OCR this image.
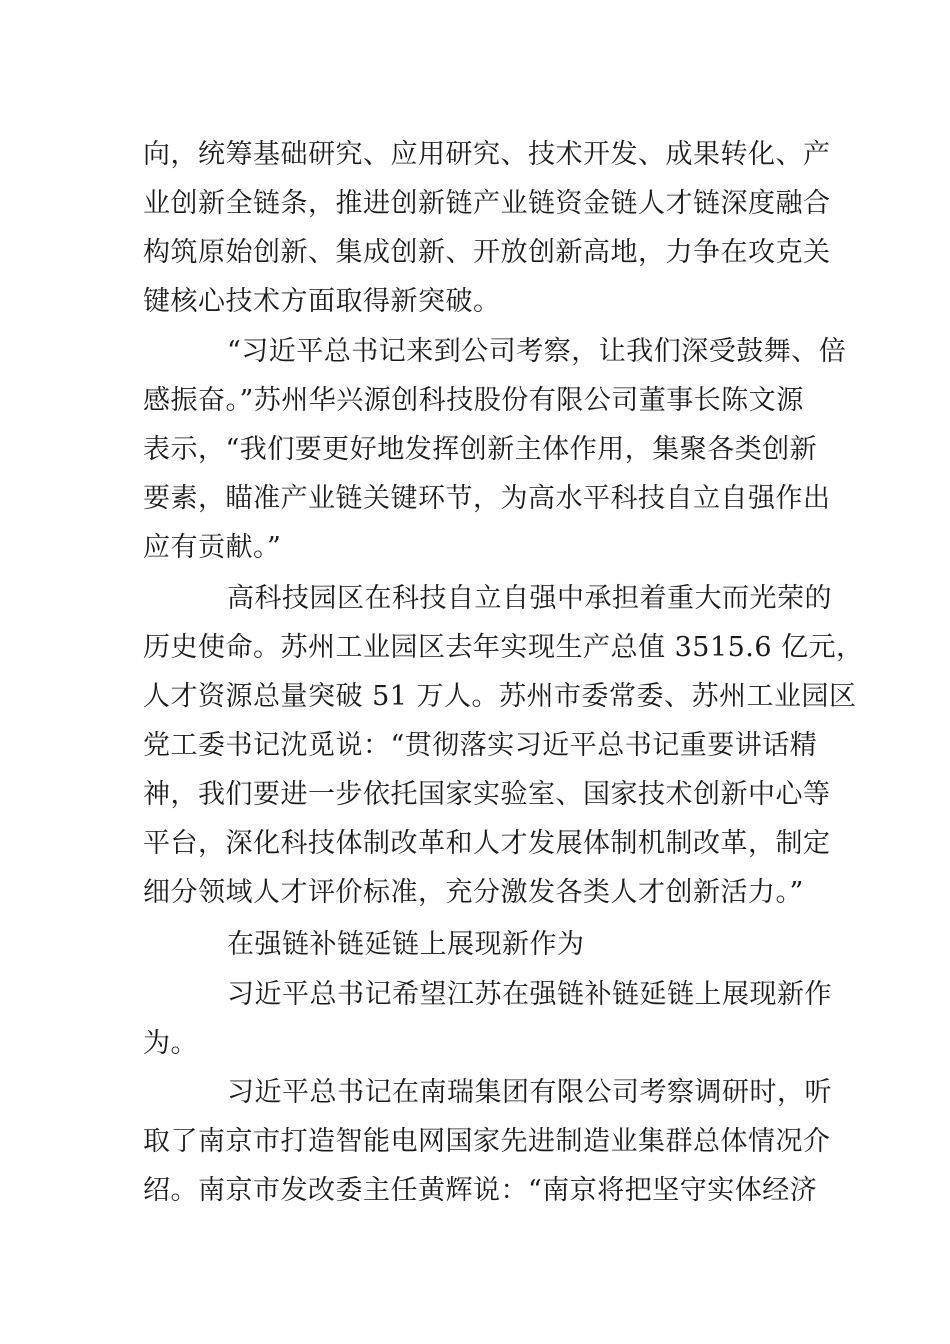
向，统筹基础研究、应用研究、技术开发、成果转化、产
业创新全链条，推进创新链产业链资金链人才链深度融合
构筑原始创新、集成创新、开放创新高地，力争在攻克关
键核心技术方面取得新突破。
“习近平总书记来到公司考察，让我们深受鼓舞、倍
感振奋。”苏州华兴源创科技股份有限公司董事长陈文源
表示，“我们要更好地发挥创新主体作用，集聚各类创新
要素，瞄准产业链关键环节，为高水平科技自立自强作出
应有贡献。”
高科技园区在科技自立自强中承担着重大而光荣的
历史使命。苏州工业园区去年实现生产总值 3515.6 亿元，
人才资源总量突破 51 万人。苏州市委常委、苏州工业园区
党工委书记沈觅说：“贯彻落实习近平总书记重要讲话精
神，我们要进一步依托国家实验室、国家技术创新中心等
平台，深化科技体制改革和人才发展体制机制改革，制定
细分领域人才评价标准，充分激发各类人才创新活力。”
在强链补链延链上展现新作为
习近平总书记希望江苏在强链补链延链上展现新作
为。
习近平总书记在南瑞集团有限公司考察调研时，听
取了南京市打造智能电网国家先进制造业集群总体情况介
绍。南京市发改委主任黄辉说：“南京将把坚守实体经济
